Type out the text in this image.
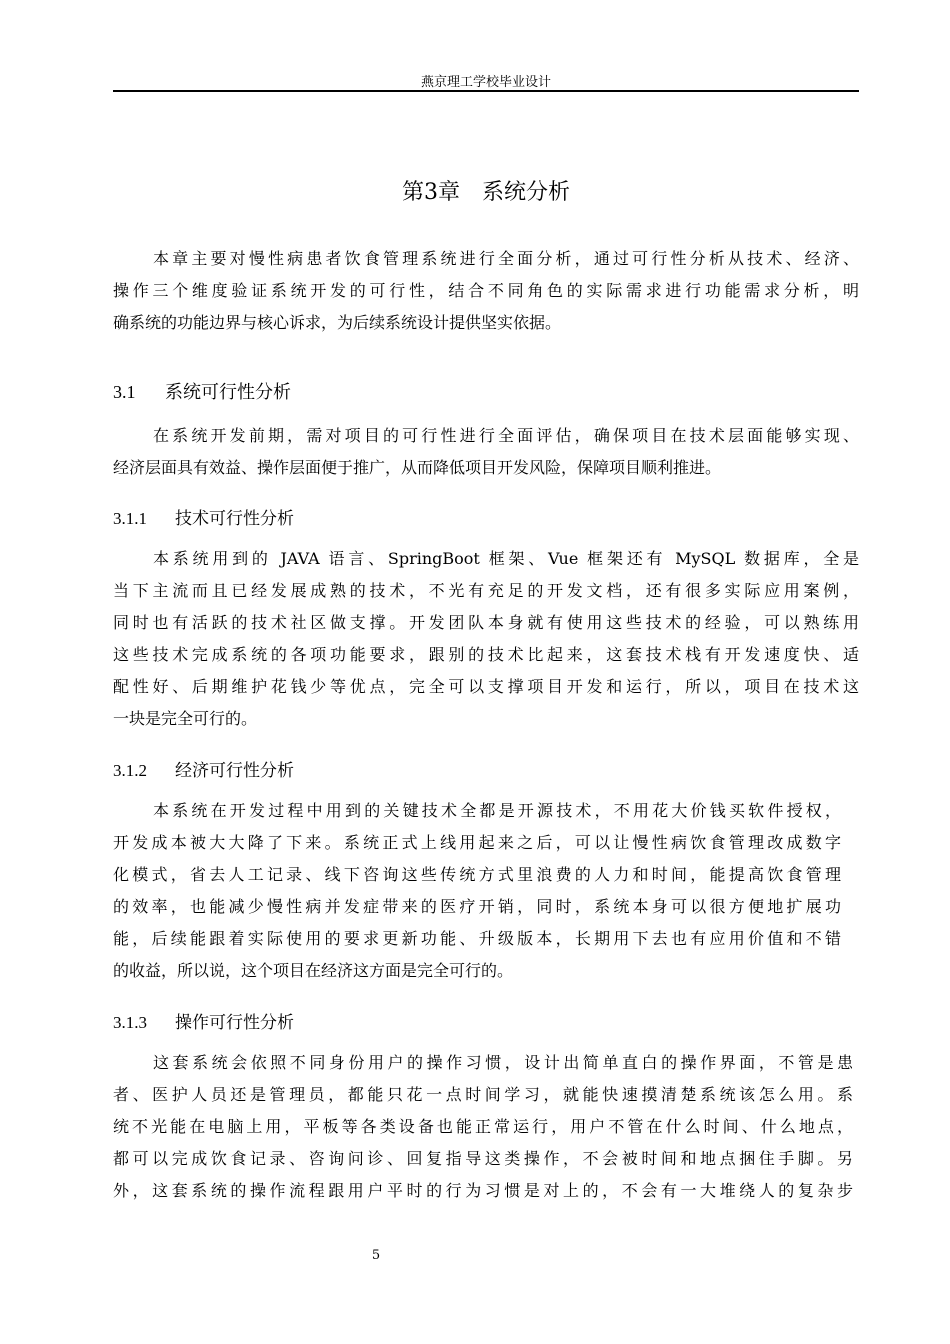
燕京理工学校毕业设计
第3章　系统分析
本章主要对慢性病患者饮食管理系统进行全面分析，通过可行性分析从技术、经济、
操作三个维度验证系统开发的可行性，结合不同角色的实际需求进行功能需求分析，明
确系统的功能边界与核心诉求，为后续系统设计提供坚实依据。
3.1 系统可行性分析
在系统开发前期，需对项目的可行性进行全面评估，确保项目在技术层面能够实现、
经济层面具有效益、操作层面便于推广，从而降低项目开发风险，保障项目顺利推进。
3.1.1 技术可行性分析
本系统用到的 JAVA 语言、SpringBoot 框架、Vue 框架还有 MySQL 数据库，全是
当下主流而且已经发展成熟的技术，不光有充足的开发文档，还有很多实际应用案例，
同时也有活跃的技术社区做支撑。开发团队本身就有使用这些技术的经验，可以熟练用
这些技术完成系统的各项功能要求，跟别的技术比起来，这套技术栈有开发速度快、适
配性好、后期维护花钱少等优点，完全可以支撑项目开发和运行，所以，项目在技术这
一块是完全可行的。
3.1.2 经济可行性分析
本系统在开发过程中用到的关键技术全都是开源技术，不用花大价钱买软件授权，
开发成本被大大降了下来。系统正式上线用起来之后，可以让慢性病饮食管理改成数字
化模式，省去人工记录、线下咨询这些传统方式里浪费的人力和时间，能提高饮食管理
的效率，也能减少慢性病并发症带来的医疗开销，同时，系统本身可以很方便地扩展功
能，后续能跟着实际使用的要求更新功能、升级版本，长期用下去也有应用价值和不错
的收益，所以说，这个项目在经济这方面是完全可行的。
3.1.3 操作可行性分析
这套系统会依照不同身份用户的操作习惯，设计出简单直白的操作界面，不管是患
者、医护人员还是管理员，都能只花一点时间学习，就能快速摸清楚系统该怎么用。系
统不光能在电脑上用，平板等各类设备也能正常运行，用户不管在什么时间、什么地点，
都可以完成饮食记录、咨询问诊、回复指导这类操作，不会被时间和地点捆住手脚。另
外，这套系统的操作流程跟用户平时的行为习惯是对上的，不会有一大堆绕人的复杂步
5
